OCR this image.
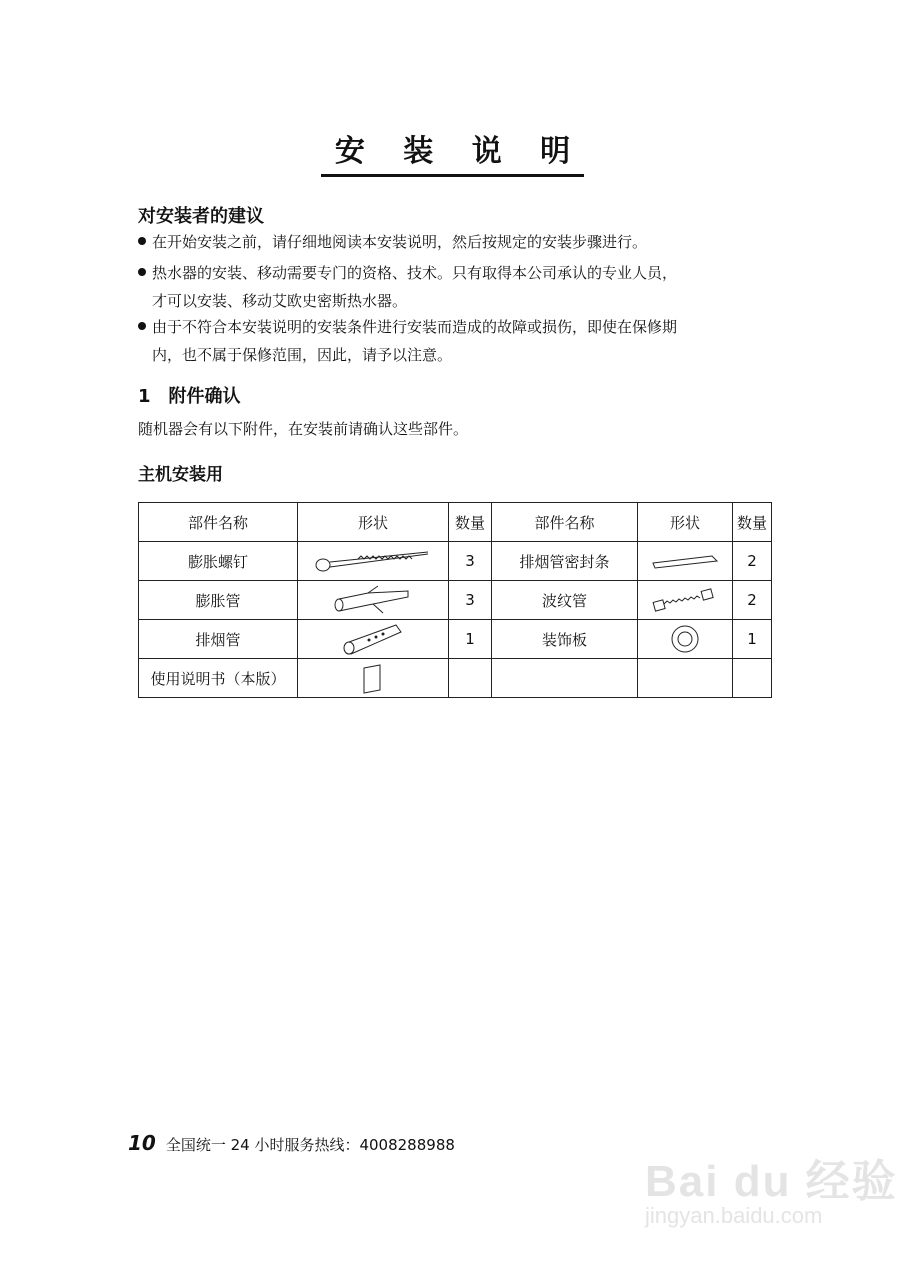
安 装 说 明
对安装者的建议
在开始安装之前，请仔细地阅读本安装说明，然后按规定的安装步骤进行。
热水器的安装、移动需要专门的资格、技术。只有取得本公司承认的专业人员，
才可以安装、移动艾欧史密斯热水器。
由于不符合本安装说明的安装条件进行安装而造成的故障或损伤，即使在保修期
内，也不属于保修范围，因此，请予以注意。
1　附件确认
随机器会有以下附件，在安装前请确认这些部件。
主机安装用
部件名称	形状	数量	部件名称	形状	数量
膨胀螺钉		3	排烟管密封条		2
膨胀管		3	波纹管		2
排烟管		1	装饰板		1
使用说明书（本版）					
10 全国统一 24 小时服务热线：4008288988
Bai du 经验
jingyan.baidu.com
